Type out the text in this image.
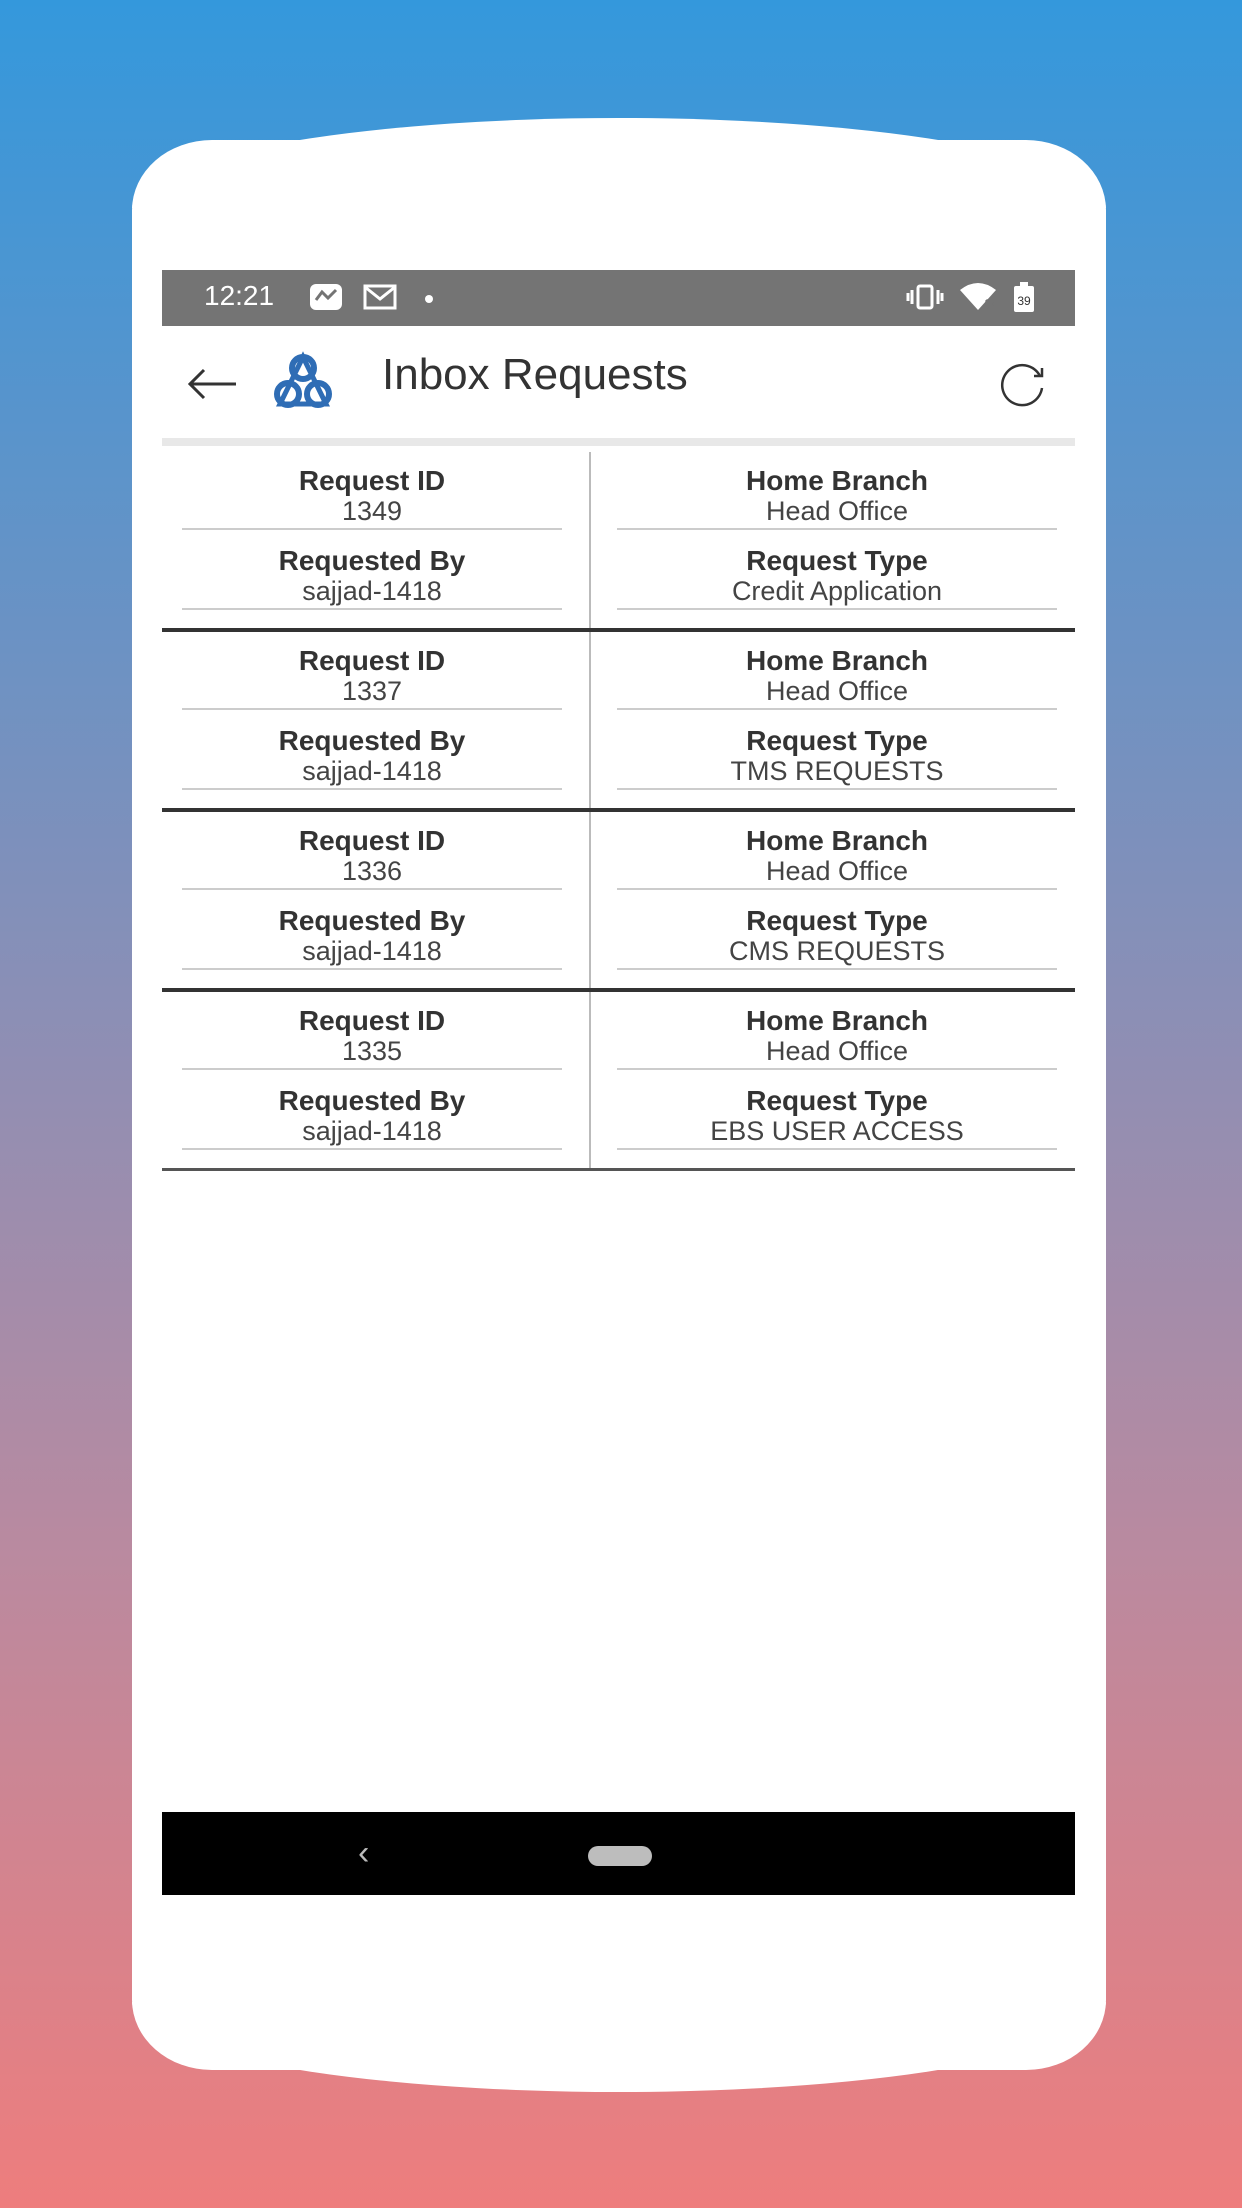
12:21	39
Inbox Requests
Request ID
1349
Home Branch
Head Office
Requested By
sajjad-1418
Request Type
Credit Application
Request ID
1337
Home Branch
Head Office
Requested By
sajjad-1418
Request Type
TMS REQUESTS
Request ID
1336
Home Branch
Head Office
Requested By
sajjad-1418
Request Type
CMS REQUESTS
Request ID
1335
Home Branch
Head Office
Requested By
sajjad-1418
Request Type
EBS USER ACCESS
‹
